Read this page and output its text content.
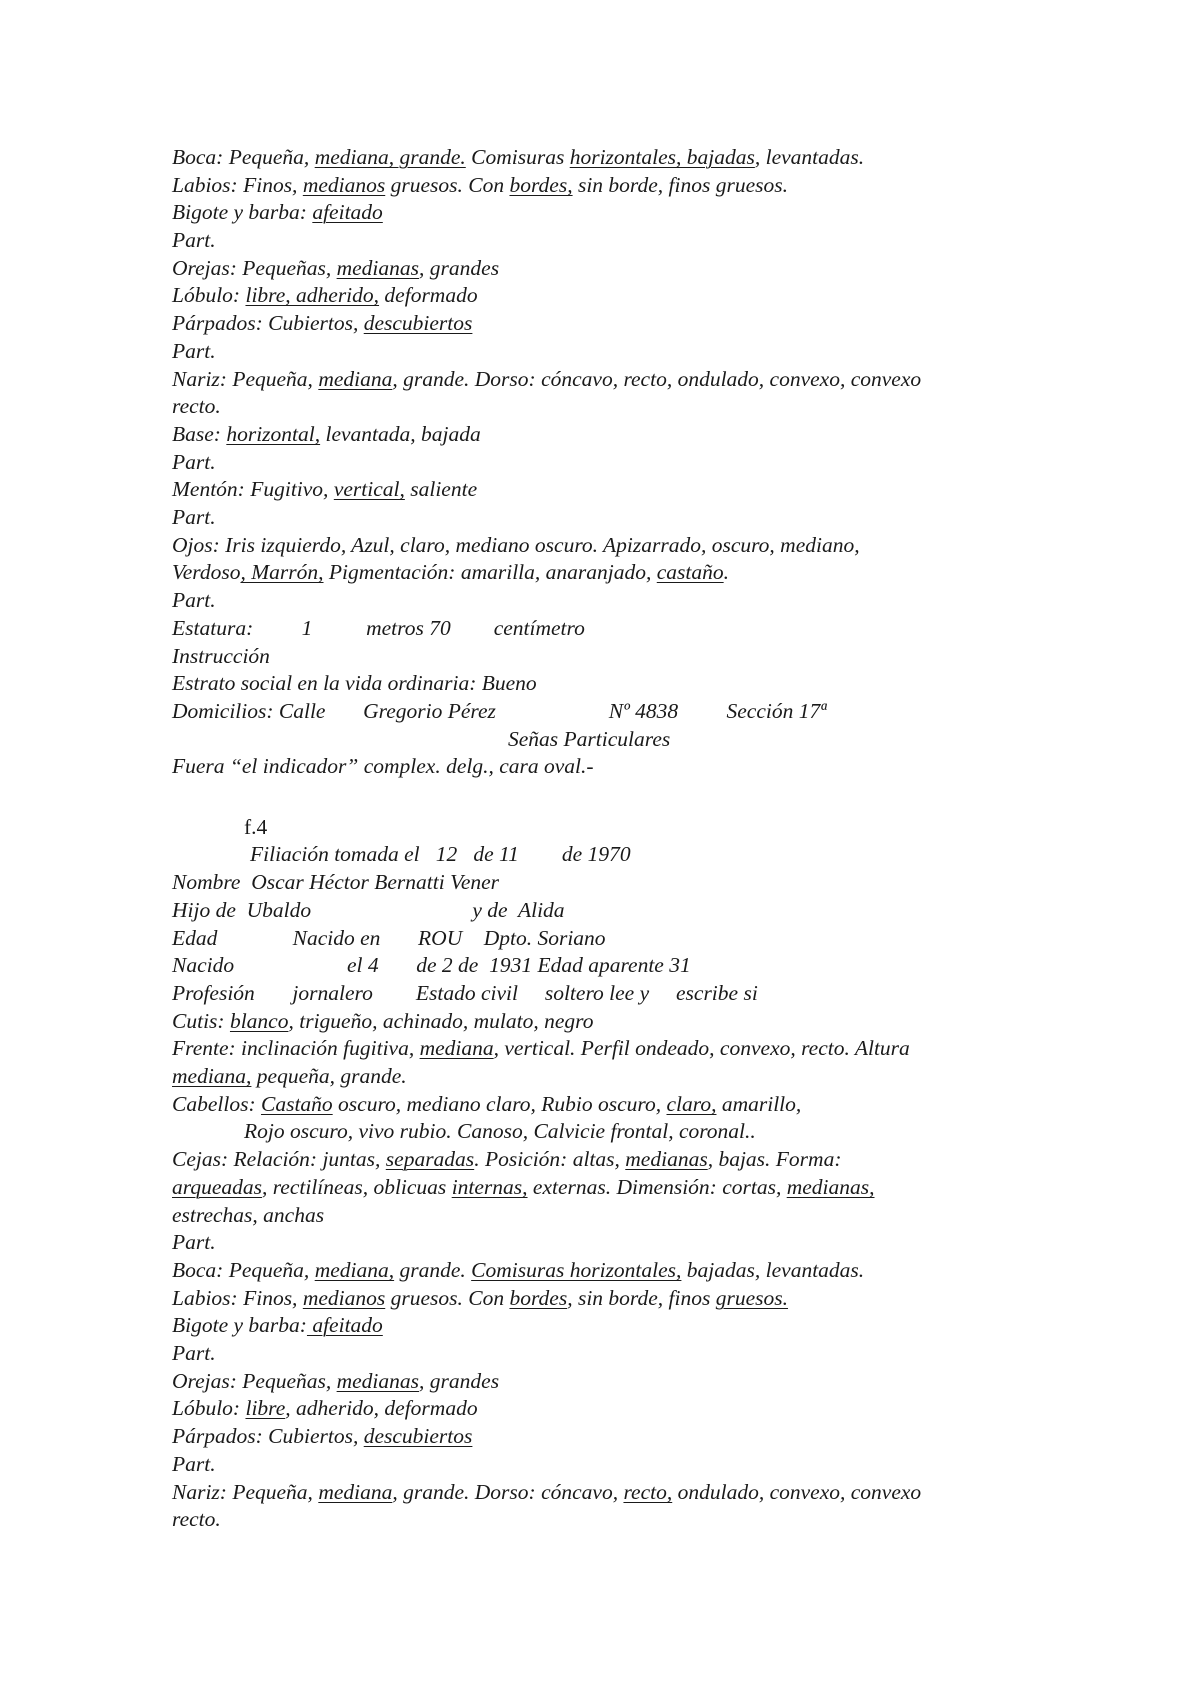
Boca: Pequeña, mediana, grande. Comisuras horizontales, bajadas, levantadas.
Labios: Finos, medianos gruesos. Con bordes, sin borde, finos gruesos.
Bigote y barba: afeitado
Part.
Orejas: Pequeñas, medianas, grandes
Lóbulo: libre, adherido, deformado
Párpados: Cubiertos, descubiertos
Part.
Nariz: Pequeña, mediana, grande. Dorso: cóncavo, recto, ondulado, convexo, convexo
recto.
Base: horizontal, levantada, bajada
Part.
Mentón: Fugitivo, vertical, saliente
Part.
Ojos: Iris izquierdo, Azul, claro, mediano oscuro. Apizarrado, oscuro, mediano,
Verdoso, Marrón, Pigmentación: amarilla, anaranjado, castaño.
Part.
Estatura:         1          metros 70        centímetro
Instrucción
Estrato social en la vida ordinaria: Bueno
Domicilios: Calle       Gregorio Pérez                     Nº 4838         Sección 17ª
Señas Particulares
Fuera “el indicador” complex. delg., cara oval.-
f.4
Filiación tomada el   12   de 11        de 1970
Nombre  Oscar Héctor Bernatti Vener
Hijo de  Ubaldo                              y de  Alida
Edad              Nacido en       ROU    Dpto. Soriano
Nacido                     el 4       de 2 de  1931 Edad aparente 31
Profesión       jornalero        Estado civil     soltero lee y     escribe si
Cutis: blanco, trigueño, achinado, mulato, negro
Frente: inclinación fugitiva, mediana, vertical. Perfil ondeado, convexo, recto. Altura
mediana, pequeña, grande.
Cabellos: Castaño oscuro, mediano claro, Rubio oscuro, claro, amarillo,
Rojo oscuro, vivo rubio. Canoso, Calvicie frontal, coronal..
Cejas: Relación: juntas, separadas. Posición: altas, medianas, bajas. Forma:
arqueadas, rectilíneas, oblicuas internas, externas. Dimensión: cortas, medianas,
estrechas, anchas
Part.
Boca: Pequeña, mediana, grande. Comisuras horizontales, bajadas, levantadas.
Labios: Finos, medianos gruesos. Con bordes, sin borde, finos gruesos.
Bigote y barba: afeitado
Part.
Orejas: Pequeñas, medianas, grandes
Lóbulo: libre, adherido, deformado
Párpados: Cubiertos, descubiertos
Part.
Nariz: Pequeña, mediana, grande. Dorso: cóncavo, recto, ondulado, convexo, convexo
recto.
